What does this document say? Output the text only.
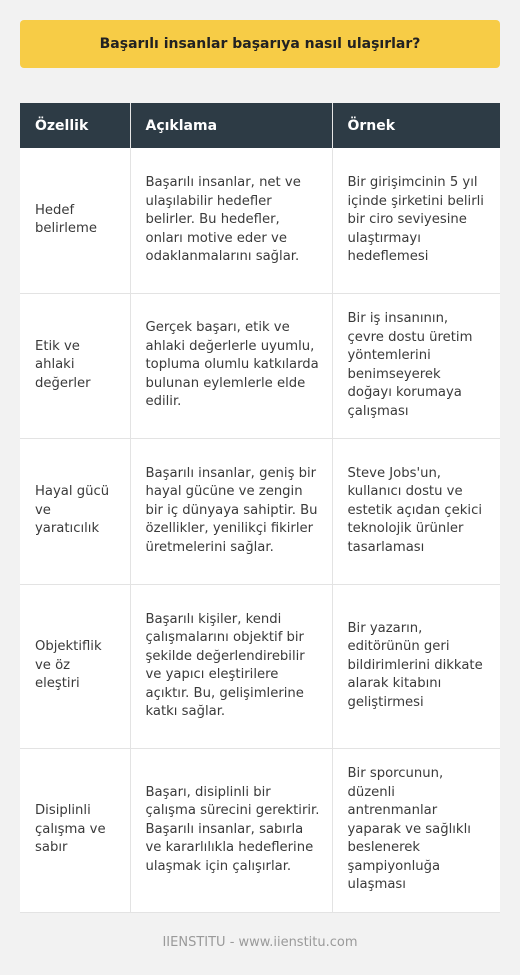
Başarılı insanlar başarıya nasıl ulaşırlar?
Özellik	Açıklama	Örnek
Hedef belirleme	Başarılı insanlar, net ve ulaşılabilir hedefler belirler. Bu hedefler, onları motive eder ve odaklanmalarını sağlar.	Bir girişimcinin 5 yıl içinde şirketini belirli bir ciro seviyesine ulaştırmayı hedeflemesi
Etik ve ahlaki değerler	Gerçek başarı, etik ve ahlaki değerlerle uyumlu, topluma olumlu katkılarda bulunan eylemlerle elde edilir.	Bir iş insanının, çevre dostu üretim yöntemlerini benimseyerek doğayı korumaya çalışması
Hayal gücü ve yaratıcılık	Başarılı insanlar, geniş bir hayal gücüne ve zengin bir iç dünyaya sahiptir. Bu özellikler, yenilikçi fikirler üretmelerini sağlar.	Steve Jobs'un, kullanıcı dostu ve estetik açıdan çekici teknolojik ürünler tasarlaması
Objektiflik ve öz eleştiri	Başarılı kişiler, kendi çalışmalarını objektif bir şekilde değerlendirebilir ve yapıcı eleştirilere açıktır. Bu, gelişimlerine katkı sağlar.	Bir yazarın, editörünün geri bildirimlerini dikkate alarak kitabını geliştirmesi
Disiplinli çalışma ve sabır	Başarı, disiplinli bir çalışma sürecini gerektirir. Başarılı insanlar, sabırla ve kararlılıkla hedeflerine ulaşmak için çalışırlar.	Bir sporcunun, düzenli antrenmanlar yaparak ve sağlıklı beslenerek şampiyonluğa ulaşması
IIENSTITU - www.iienstitu.com
